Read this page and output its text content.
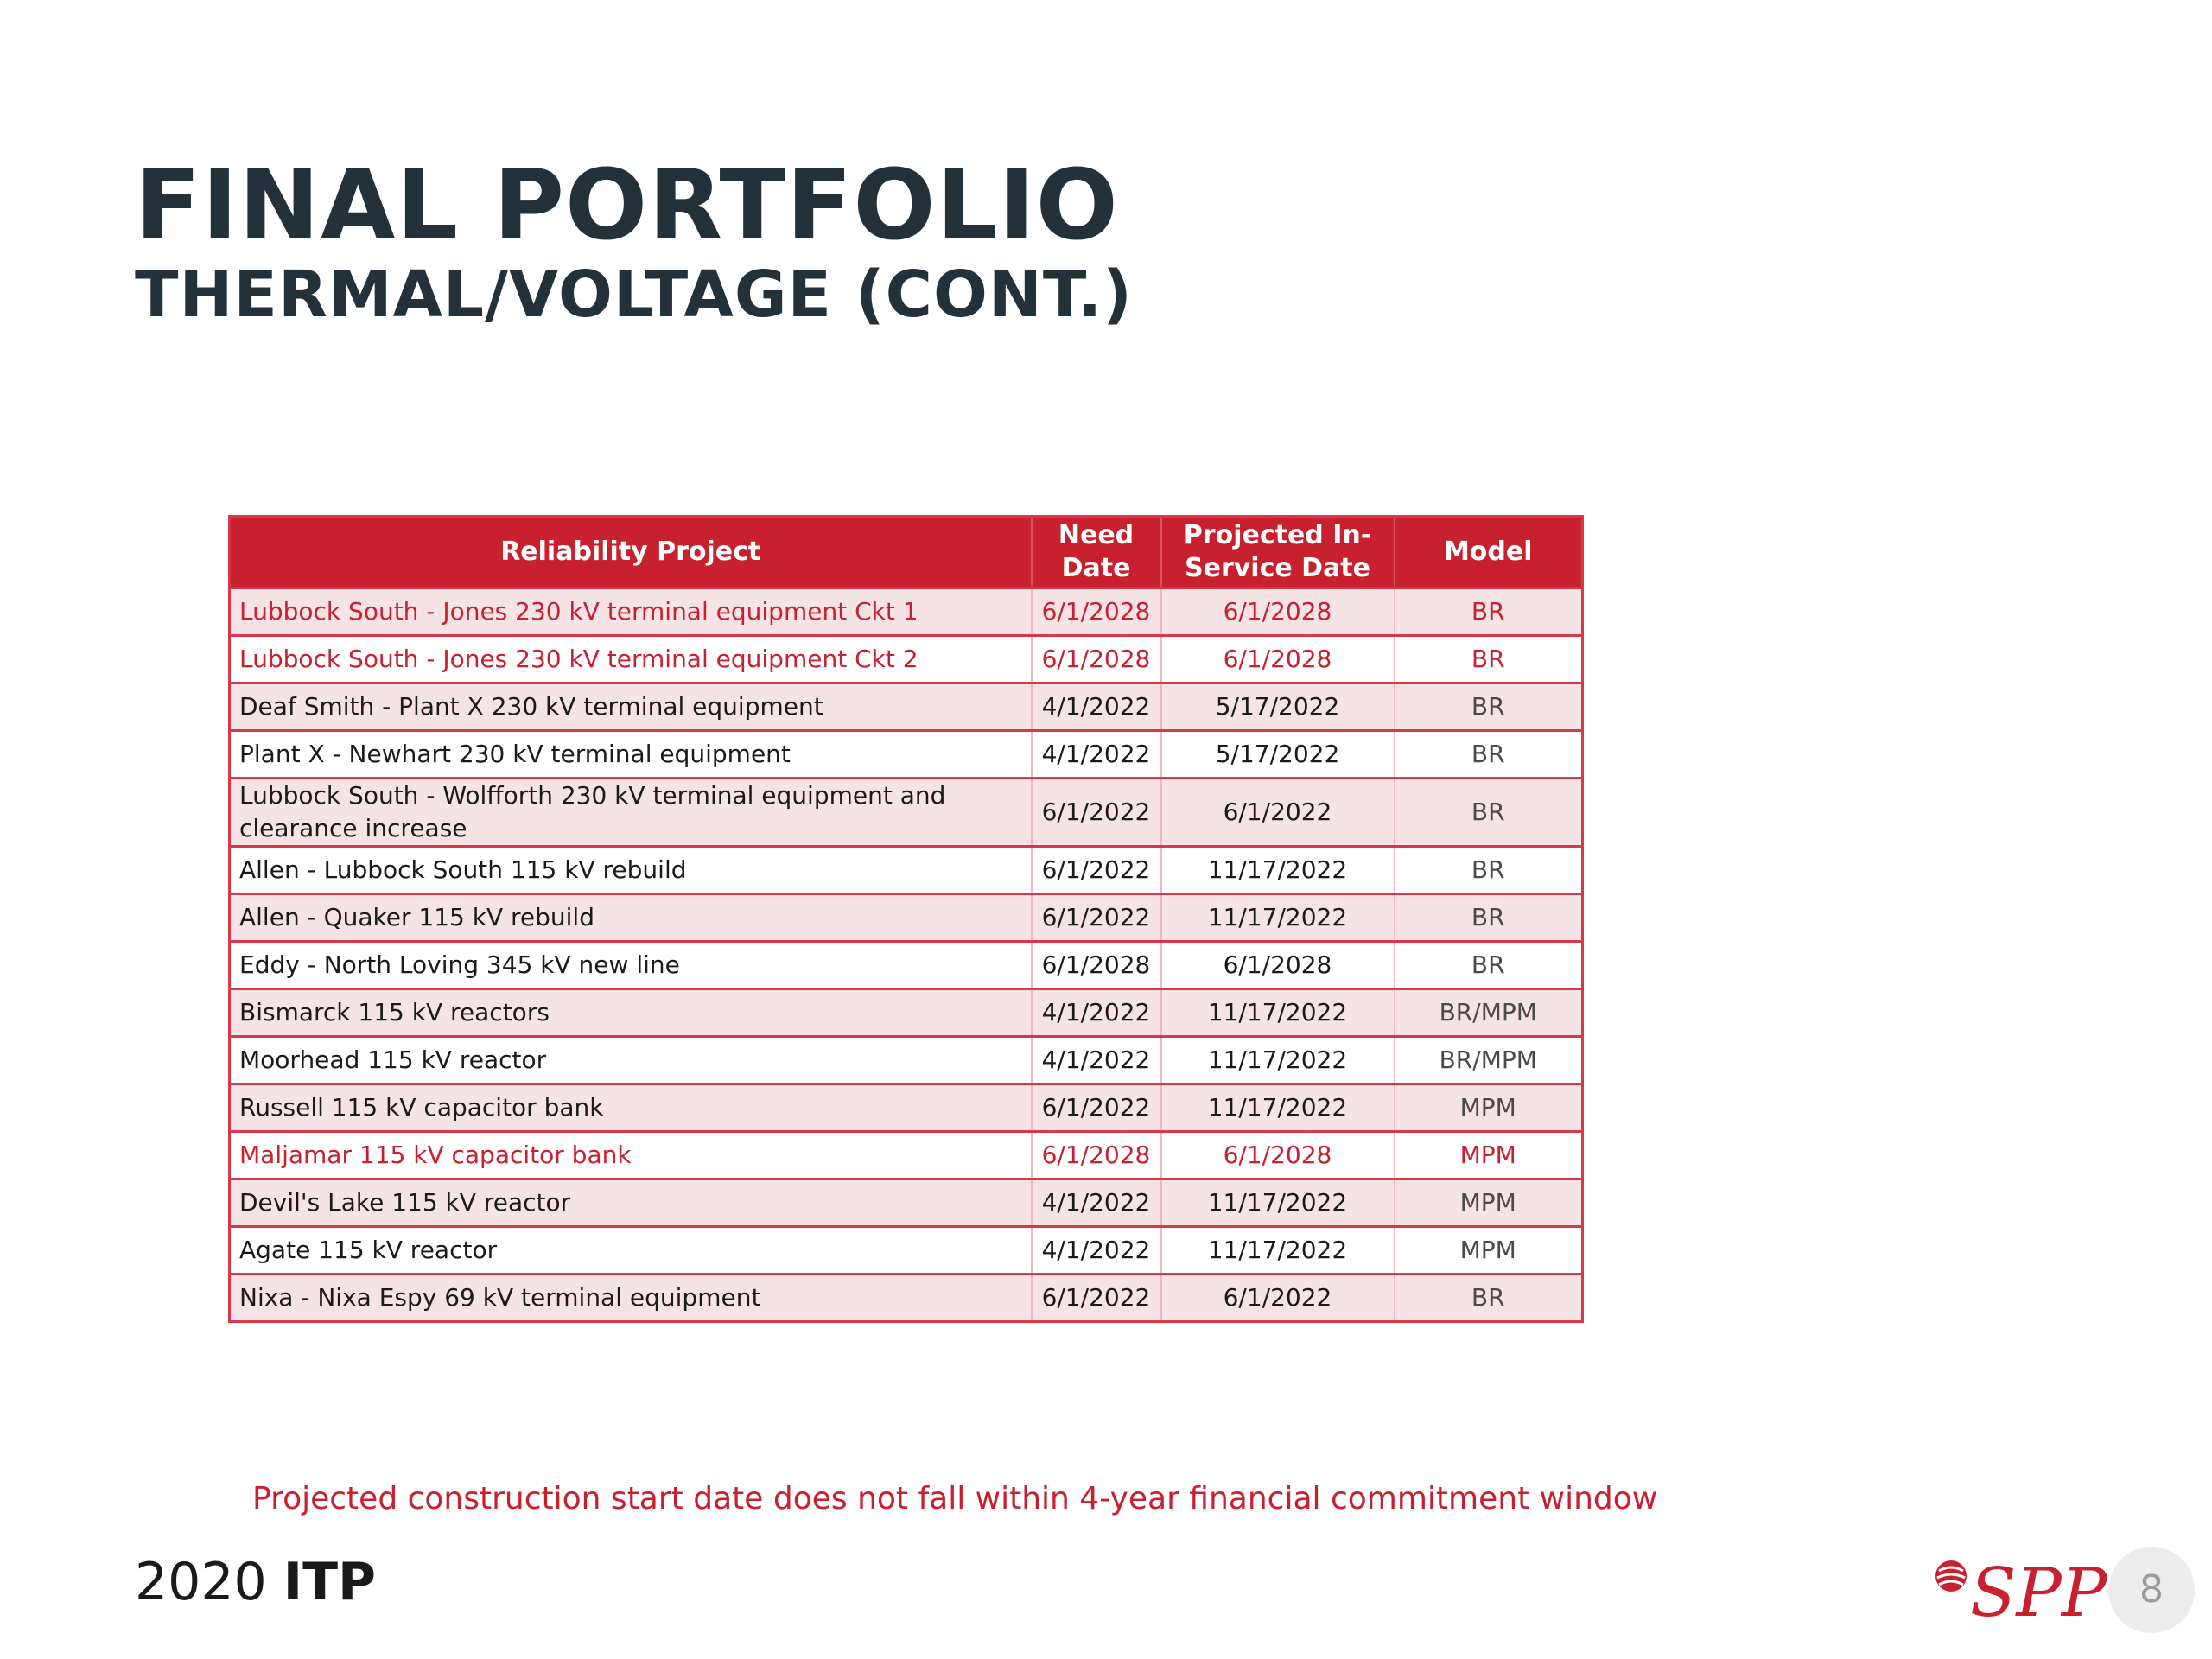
FINAL PORTFOLIO
THERMAL/VOLTAGE (CONT.)
Reliability Project	Need Date	Projected In-Service Date	Model
Lubbock South - Jones 230 kV terminal equipment Ckt 1	6/1/2028	6/1/2028	BR
Lubbock South - Jones 230 kV terminal equipment Ckt 2	6/1/2028	6/1/2028	BR
Deaf Smith - Plant X 230 kV terminal equipment	4/1/2022	5/17/2022	BR
Plant X - Newhart 230 kV terminal equipment	4/1/2022	5/17/2022	BR
Lubbock South - Wolfforth 230 kV terminal equipment and clearance increase	6/1/2022	6/1/2022	BR
Allen - Lubbock South 115 kV rebuild	6/1/2022	11/17/2022	BR
Allen - Quaker 115 kV rebuild	6/1/2022	11/17/2022	BR
Eddy - North Loving 345 kV new line	6/1/2028	6/1/2028	BR
Bismarck 115 kV reactors	4/1/2022	11/17/2022	BR/MPM
Moorhead 115 kV reactor	4/1/2022	11/17/2022	BR/MPM
Russell 115 kV capacitor bank	6/1/2022	11/17/2022	MPM
Maljamar 115 kV capacitor bank	6/1/2028	6/1/2028	MPM
Devil's Lake 115 kV reactor	4/1/2022	11/17/2022	MPM
Agate 115 kV reactor	4/1/2022	11/17/2022	MPM
Nixa - Nixa Espy 69 kV terminal equipment	6/1/2022	6/1/2022	BR
Projected construction start date does not fall within 4-year financial commitment window
2020 ITP	SPP 8
